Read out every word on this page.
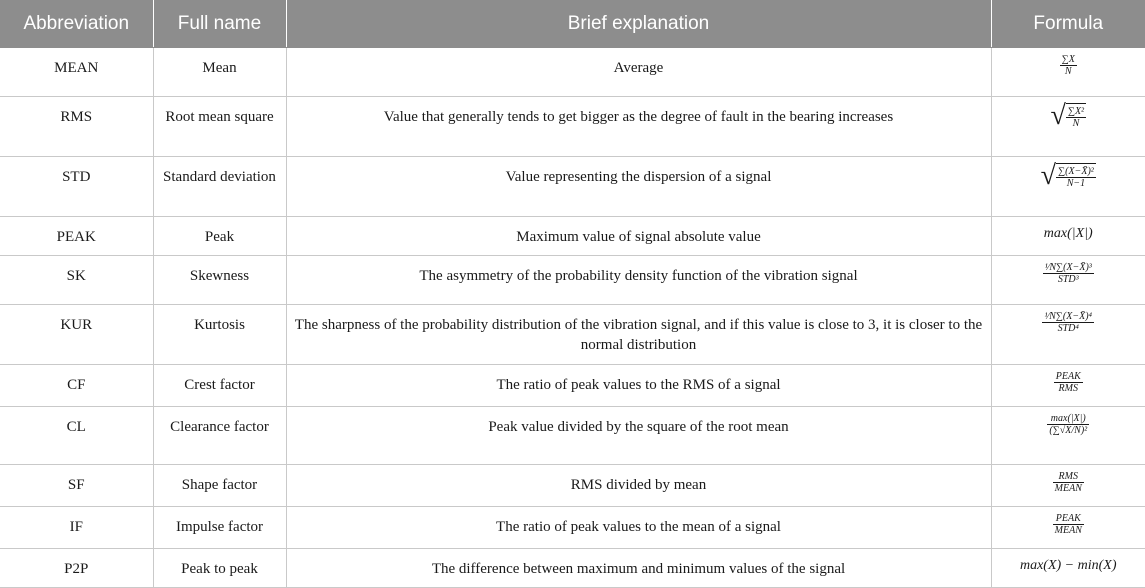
Abbreviation	Full name	Brief explanation	Formula
MEAN	Mean	Average	$\frac{\sum X}{N}$

RMS	Root mean square	Value that generally tends to get bigger as the degree of fault in the bearing increases	√ $\frac{\text{∑X²}}{N}$

STD	Standard deviation	Value representing the dispersion of a signal	√ $\frac{\text{∑(X−X̄)²}}{N-1}$

PEAK	Peak	Maximum value of signal absolute value	max(|X|)
SK	Skewness	The asymmetry of the probability density function of the vibration signal	$\frac{\text{¹⁄N∑(X−X̄)³}}{\text{STD³}}$

KUR	Kurtosis	The sharpness of the probability distribution of the vibration signal, and if this value is close to 3, it is closer to the normal distribution	$\frac{\text{¹⁄N∑(X−X̄)⁴}}{\text{STD⁴}}$

CF	Crest factor	The ratio of peak values to the RMS of a signal	$\frac{\text{PEAK}}{\text{RMS}}$

CL	Clearance factor	Peak value divided by the square of the root mean	$\frac{\max(|X|)}{\text{(∑√X/N)²}}$

SF	Shape factor	RMS divided by mean	$\frac{\text{RMS}}{\text{MEAN}}$

IF	Impulse factor	The ratio of peak values to the mean of a signal	$\frac{\text{PEAK}}{\text{MEAN}}$

P2P	Peak to peak	The difference between maximum and minimum values of the signal	max(X) − min(X)
